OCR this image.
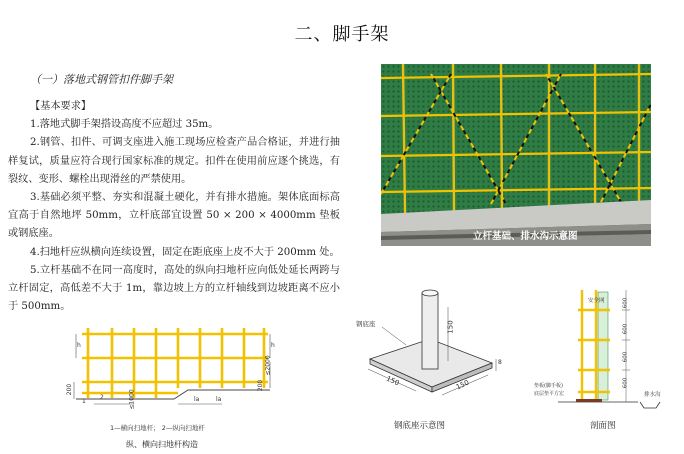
二、脚手架
（一）落地式钢管扣件脚手架

【基本要求】

1.落地式脚手架搭设高度不应超过 35m。

2.钢管、扣件、可调支座进入施工现场应检查产品合格证，并进行抽样复试，质量应符合现行国家标准的规定。扣件在使用前应逐个挑选，有裂纹、变形、螺栓出现滑丝的严禁使用。

3.基础必须平整、夯实和混凝土硬化，并有排水措施。架体底面标高宜高于自然地坪 50mm，立杆底部宜设置 50 × 200 × 4000mm 垫板或钢底座。

4.扫地杆应纵横向连续设置，固定在距底座上皮不大于 200mm 处。

5.立杆基础不在同一高度时，高处的纵向扫地杆应向低处延长两跨与立杆固定，高低差不大于 1m，靠边坡上方的立杆轴线到边坡距离不应小于 500mm。

立杆基础、排水沟示意图
h	h
200	200
≤2000
≤1000
2
1	la	la
1—横向扫地杆； 2—纵向扫地杆
纵、横向扫地杆构造
钢底座	150
150	150
8
钢底座示意图
安全网	600
600
600
600
垫板(脚手板)
底层垫平方宏	排水沟
剖面图
